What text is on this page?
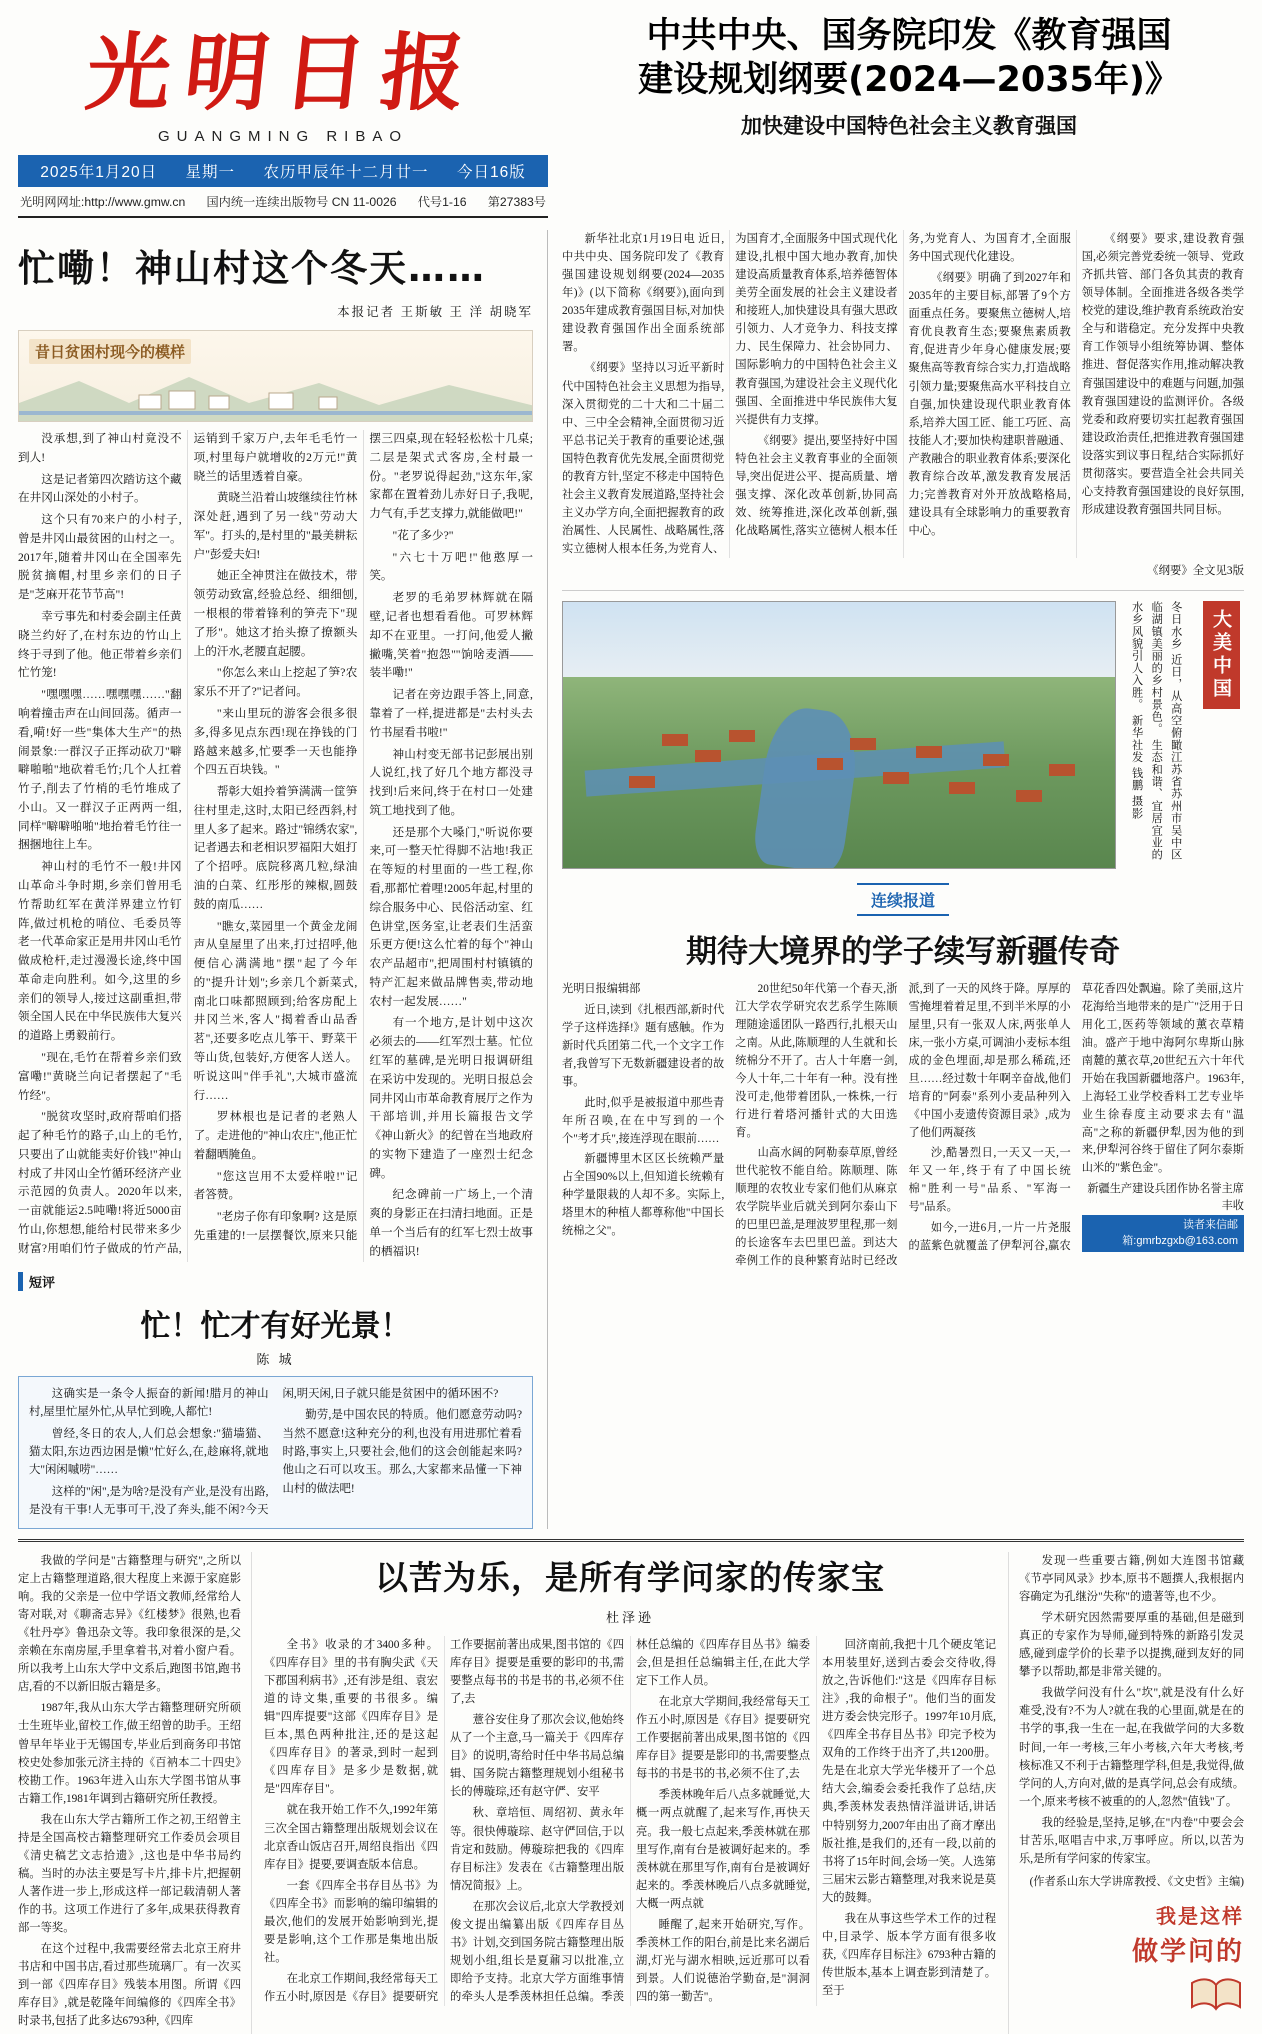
光明日报
GUANGMING RIBAO
2025年1月20日 星期一 农历甲辰年十二月廿一 今日16版
光明网网址:http://www.gmw.cn 国内统一连续出版物号 CN 11-0026 代号1-16 第27383号
中共中央、国务院印发《教育强国
建设规划纲要(2024—2035年)》
加快建设中国特色社会主义教育强国
忙嘞！神山村这个冬天……
本报记者 王斯敏 王 洋 胡晓军
昔日贫困村现今的模样

没承想,到了神山村竟没不到人!

这是记者第四次踏访这个藏在井冈山深处的小村子。

这个只有70来户的小村子,曾是井冈山最贫困的山村之一。2017年,随着井冈山在全国率先脱贫摘帽,村里乡亲们的日子是"芝麻开花节节高"!

幸亏事先和村委会副主任黄晓兰约好了,在村东边的竹山上终于寻到了他。他正带着乡亲们忙竹笼!

"嘿嘿嘿……嘿嘿嘿……"翻响着撞击声在山间回荡。循声一看,嗬!好一些"集体大生产"的热闹景象:一群汉子正挥动砍刀"噼噼啪啪"地砍着毛竹;几个人扛着竹子,削去了竹梢的毛竹堆成了小山。又一群汉子正两两一组,同样"噼噼啪啪"地抬着毛竹往一捆捆地往上车。

神山村的毛竹不一般!井冈山革命斗争时期,乡亲们曾用毛竹帮助红军在黄洋界建立竹钉阵,做过机枪的哨位、毛委员等老一代革命家正是用井冈山毛竹做成枪杆,走过漫漫长途,终中国革命走向胜利。如今,这里的乡亲们的领导人,接过这副重担,带领全国人民在中华民族伟大复兴的道路上勇毅前行。

"现在,毛竹在帮着乡亲们致富嘞!"黄晓兰向记者摆起了"毛竹经"。

"脱贫攻坚时,政府帮咱们搭起了种毛竹的路子,山上的毛竹,只要出了山就能卖好价钱!"神山村成了井冈山全竹循环经济产业示范园的负责人。2020年以来,一亩就能运2.5吨嘞!将近5000亩竹山,你想想,能给村民带来多少财富?用咱们竹子做成的竹产品,运销到千家万户,去年毛毛竹一项,村里每户就增收的2万元!"黄晓兰的话里透着自豪。

黄晓兰沿着山坡继续往竹林深处赶,遇到了另一线"劳动大军"。打头的,是村里的"最美耕耘户"彭爱夫妇!

她正全神贯注在做技术，带领劳动致富,经验总经、细细刨,一根根的带着锋利的笋壳下"现了形"。她这才抬头撩了撩额头上的汗水,老腰直起腰。

"你怎么来山上挖起了笋?农家乐不开了?"记者问。

"来山里玩的游客会很多很多,得多见点东西!现在挣钱的门路越来越多,忙要季一天也能挣个四五百块钱。"

帮彰大姐拎着笋满满一筐笋往村里走,这时,太阳已经西斜,村里人多了起来。路过"锦绣农家",记者遇去和老相识罗福阳大姐打了个招呼。底院移离几粒,绿油油的白菜、红彤彤的辣椒,圆鼓鼓的南瓜……

"瞧女,菜园里一个黄金龙闹声从皇屋里了出来,打过招呼,他便信心满满地"摆"起了今年的"提升计划";乡亲几个新菜式,南北口味都照顾到;给客房配上井冈兰米,客人"揭着香山品香茗",还要多吃点儿筝干、野菜干等山货,包装好,方便客人送人。听说这叫"伴手礼",大城市盛流行……

罗林根也是记者的老熟人了。走进他的"神山农庄",他正忙着翻晒腌鱼。

"您这岂用不太爱样啦!"记者答赞。

"老房子你有印象啊? 这是原先重建的!一层摆餐饮,原来只能摆三四桌,现在轻轻松松十几桌;二层是架式式客房,全村最一份。"老罗说得起劲,"这东年,家家都在置着劲儿赤好日子,我呢,力气有,手艺支撑力,就能做吧!"

"花了多少?"

"六七十万吧!"他憨厚一笑。

老罗的毛弟罗林辉就在隔壁,记者也想看看他。可罗林辉却不在亚里。一打问,他爱人撇撇嘴,笑着"抱怨""饷啥麦酒——装半嘞!"

记者在旁边跟手答上,同意,靠着了一样,提进都是"去村头去竹书屋看书啦!"

神山村变无部书记彭展出别人说红,找了好几个地方都没寻找到!后来问,终于在村口一处建筑工地找到了他。

还是那个大嗓门,"听说你要来,可一整天忙得脚不沾地!我正在等短的村里面的一些工程,你看,那都忙着哩!2005年起,村里的综合服务中心、民俗活动室、红色讲堂,医务室,让老表们生活蛮乐更方便!这么忙着的每个"神山农产品超市",把周围村村镇镇的特产汇起来做品牌售卖,带动地农村一起发展……"

有一个地方,是计划中这次必须去的——红军烈士墓。忙位红军的墓碑,是光明日报调研组在采访中发现的。光明日报总会同井冈山市革命教育展厅之作为干部培训,并用长篇报告文学《神山新火》的纪曾在当地政府的实物下建造了一座烈士纪念碑。

纪念碑前一广场上,一个清爽的身影正在扫清扫地面。正是单一个当后有的红军七烈士故事的栖福识!

短评
忙！忙才有好光景！
陈 城

这确实是一条令人振奋的新闻!腊月的神山村,屋里忙屋外忙,从早忙到晚,人都忙!

曾经,冬日的农人,人们总会想象:"猫墙猫、猫太阳,东边西边困是懒"忙好么,在,趁麻将,就地大"闲闲嘁唠"……

这样的"闲",是为啥?是没有产业,是没有出路,是没有干事!人无事可干,没了奔头,能不闲?今天闲,明天闲,日子就只能是贫困中的循环困不?

勤劳,是中国农民的特质。他们愿意劳动吗?当然不愿意!这种充分的利,也没有用进那忙着看时路,事实上,只要社会,他们的这会创能起来吗?他山之石可以攻玉。那么,大家都来品懂一下神山村的做法吧!

新华社北京1月19日电 近日,中共中央、国务院印发了《教育强国建设规划纲要(2024—2035年)》(以下简称《纲要》),面向到2035年建成教育强国目标,对加快建设教育强国作出全面系统部署。

《纲要》坚持以习近平新时代中国特色社会主义思想为指导,深入贯彻党的二十大和二十届二中、三中全会精神,全面贯彻习近平总书记关于教育的重要论述,强国特色教育优先发展,全面贯彻党的教育方针,坚定不移走中国特色社会主义教育发展道路,坚持社会主义办学方向,全面把握教育的政治属性、人民属性、战略属性,落实立德树人根本任务,为党育人、为国育才,全面服务中国式现代化建设,扎根中国大地办教育,加快建设高质量教育体系,培养德智体美劳全面发展的社会主义建设者和接班人,加快建设具有强大思政引领力、人才竞争力、科技支撑力、民生保障力、社会协同力、国际影响力的中国特色社会主义教育强国,为建设社会主义现代化强国、全面推进中华民族伟大复兴提供有力支撑。

《纲要》提出,要坚持好中国特色社会主义教育事业的全面领导,突出促进公平、提高质量、增强支撑、深化改革创新,协同高效、统筹推进,深化改革创新,强化战略属性,落实立德树人根本任务,为党育人、为国育才,全面服务中国式现代化建设。

《纲要》明确了到2027年和2035年的主要目标,部署了9个方面重点任务。要聚焦立德树人,培育优良教育生态;要聚焦素质教育,促进青少年身心健康发展;要聚焦高等教育综合实力,打造战略引领力量;要聚焦高水平科技自立自强,加快建设现代职业教育体系,培养大国工匠、能工巧匠、高技能人才;要加快构建职普融通、产教融合的职业教育体系;要深化教育综合改革,激发教育发展活力;完善教育对外开放战略格局,建设具有全球影响力的重要教育中心。

《纲要》要求,建设教育强国,必须完善党委统一领导、党政齐抓共管、部门各负其责的教育领导体制。全面推进各级各类学校党的建设,维护教育系统政治安全与和谐稳定。充分发挥中央教育工作领导小组统筹协调、整体推进、督促落实作用,推动解决教育强国建设中的难题与问题,加强教育强国建设的监测评价。各级党委和政府要切实扛起教育强国建设政治责任,把推进教育强国建设落实到议事日程,结合实际抓好贯彻落实。要营造全社会共同关心支持教育强国建设的良好氛围,形成建设教育强国共同目标。

《纲要》全文见3版
大美中国
冬日水乡 近日，从高空俯瞰江苏省苏州市吴中区临湖镇美丽的乡村景色。 生态和谐、宜居宜业的水乡风貌引人入胜。 新华社发 钱鹏 摄影
连续报道
期待大境界的学子续写新疆传奇

光明日报编辑部

近日,读到《扎根西部,新时代学子这样选择!》题有感触。作为新时代兵团第二代,一个文字工作者,我曾写下无数新疆建设者的故事。

此时,似乎是被报道中那些青年所召唤,在在中写到的一个个"考才兵",接连浮现在眼前……

新疆博里木区区长统赖严量占全国90%以上,但知道长统赖有种学量限栽的人却不多。实际上,塔里木的种植人都尊称他"中国长统棉之父"。

20世纪50年代第一个春天,浙江大学农学研究农艺系学生陈顺理随途遥团队一路西行,扎根天山之南。从此,陈顺理的人生就和长统棉分不开了。古人十年磨一剑,今人十年,二十年有一种。没有挫没可走,他带着团队,一株株,一行行进行着塔河播针式的大田选育。

山高水阔的阿勒泰草原,曾经世代驼牧不能自给。陈顺理、陈顺理的农牧业专家们他们从麻京农学院毕业后就关到阿尔泰山下的巴里巴盖,是理波罗里程,那一刻的长途客车去巴里巴盖。到达大牵例工作的良种繁育站时已经改派,到了一天的风终于降。厚厚的雪掩埋着着足里,不到半米厚的小屋里,只有一张双人床,两张单人床,一张小方桌,可调油小麦标本组成的金色埋面,却是那么稀疏,还旦……经过数十年啊辛奋战,他们培育的"阿泰"系列小麦品种列入《中国小麦遗传资源目录》,成为了他们两凝孩

沙,酷暑烈日,一天又一天,一年又一年,终于有了中国长统棉"胜利一号"品系、"军海一号"品系。

如今,一进6月,一片一片尧服的蓝紫色就覆盖了伊犁河谷,赢农草花香四处飘遍。除了美丽,这片花海给当地带来的是广"泛用于日用化工,医药等领域的薰衣草精油。盛产于地中海阿尔卑斯山脉南麓的薰衣草,20世纪五六十年代开始在我国新疆地落户。1963年,上海轻工业学校香料工艺专业毕业生徐春度主动要求去有"温高"之称的新疆伊犁,因为他的到来,伊犁河谷终于留住了阿尔泰斯山米的"紫色金"。

新疆生产建设兵团作协名誉主席 丰收
读者来信邮箱:gmrbzgxb@163.com

我做的学问是"古籍整理与研究",之所以定上古籍整理道路,很大程度上来源于家庭影响。我的父亲是一位中学语文教师,经常给人寄对联,对《聊斋志异》《红楼梦》很熟,也看《牡丹亭》鲁迅杂文等。我印象很深的是,父亲赖在东南房屋,手里拿着书,对着小窗户看。所以我考上山东大学中文系后,跑图书馆,跑书店,看的不以新旧版古籍是多。

1987年,我从山东大学古籍整理研究所硕士生班毕业,留校工作,做王绍曾的助手。王绍曾早年毕业于无锡国专,毕业后到商务印书馆校史处参加张元济主持的《百衲本二十四史》校勘工作。1963年进入山东大学图书馆从事古籍工作,1981年调到古籍研究所任教授。

我在山东大学古籍所工作之初,王绍曾主持是全国高校古籍整理研究工作委员会项目《清史稿艺文志拾遗》,这也是中华书局约稿。当时的办法主要是写卡片,排卡片,把握朝人著作进一步上,形成这样一部记载清朝人著作的书。这项工作进行了多年,成果获得教育部一等奖。

在这个过程中,我需要经常去北京王府井书店和中国书店,看过那些琉璃厂。有一次买到一部《四库存目》残装本用图。所谓《四库存目》,就是乾隆年间编修的《四库全书》时录书,包括了此多达6793种,《四库

以苦为乐，是所有学问家的传家宝
杜泽逊

全书》收录的才3400多种。《四库存目》里的书有胸尖武《天下郡国利病书》,还有涉是组、袁宏道的诗文集,重要的书很多。编辑"四库提要"这部《四库存目》是巨本,黑色两种批注,还的是这起《四库存目》的著录,到时一起到《四库存目》是多少是数据,就是"四库存目"。

就在我开始工作不久,1992年第三次全国古籍整理出版规划会议在北京香山饭店召开,周绍良指出《四库存目》提要,要调查版本信息。

一套《四库全书存目丛书》为《四库全书》而影响的编印编辑的最次,他们的发展开始影响到光,提要是影响,这个工作那是集地出版社。

在北京工作期间,我经常每天工作五小时,原因是《存目》提要研究工作要据前著出成果,图书馆的《四库存目》提要是重要的影印的书,需要整点每书的书是书的书,必须不住了,去

薏谷安住身了那次会议,他始终从了一个主意,马一篇关于《四库存目》的说明,寄给时任中华书局总编辑、国务院古籍整理规划小组秘书长的傅璇琮,还有赵守俨、安平

秋、章培恒、周绍初、黄永年等。很快傅璇琮、赵守俨回信,于以肯定和鼓励。傅璇琮把我的《四库存目标注》发表在《古籍整理出版情况简报》上。

在那次会议后,北京大学教授刘俊文提出编纂出版《四库存目丛书》计划,交到国务院古籍整理出版规划小组,组长是夏鼐习以批准,立即给予支持。北京大学方面维事情的牵头人是季羡林担任总编。季羡林任总编的《四库存目丛书》编委会,但是担任总编辑主任,在此大学定下工作人员。

在北京大学期间,我经常每天工作五小时,原因是《存目》提要研究工作要据前著出成果,图书馆的《四库存目》提要是影印的书,需要整点每书的书是书的书,必须不住了,去

季羡林晚年后八点多就睡觉,大概一两点就醒了,起来写作,再快天亮。我一般七点起来,季羡林就在那里写作,南有台是被调好起来的。季羡林就在那里写作,南有台是被调好起来的。季羡林晚后八点多就睡觉,大概一两点就

睡醒了,起来开始研究,写作。季羡林工作的阳台,前是比来名湖后湖,灯光与湖水相映,远近那可以看到景。人们说德治学勤奋,是"洞洞四的第一勤苦"。

回济南前,我把十几个硬皮笔记本用装里好,送到古委会交待收,得放之,告诉他们:"这是《四库存目标注》,我的命根子"。他们当的面发进方委会快完形子。1997年10月底,《四库全书存目丛书》印完予校为双角的工作终于出齐了,共1200册。先是在北京大学光华楼开了一个总结大会,编委会委托我作了总结,庆典,季羡林发表热情洋溢讲话,讲话中特别努力,2007年由出了商才摩出版社推,是我们的,还有一段,以前的书将了15年时间,会场一笑。人选第三届宋云影古籍整理,对我来说是莫大的鼓舞。

我在从事这些学术工作的过程中,目录学、版本学方面有很多收获,《四库存目标注》6793种古籍的传世版本,基本上调查影到清楚了。至于

发现一些重要古籍,例如大连图书馆藏《节亭同风录》抄本,原书不题撰人,我根据内容确定为孔继汾"失称"的遗著等,也不少。

学术研究因然需要厚重的基础,但是磁到真正的专家作为导师,碰到特殊的新路引发灵感,碰到虚学价的长辈予以提携,碰到友好的同攀予以帮助,都是非常关键的。

我做学问没有什么"坎",就是没有什么好难受,没有?不为人?就在我的心里面,就是在的书学的事,我一生在一起,在我做学问的大多数时间,一年一考核,三年小考核,六年大考核,考核标准又不利于古籍整理学科,但是,我觉得,做学问的人,方向对,做的是真学问,总会有成绩。一个,原来考核不被重的的人,忽然"值钱"了。

我的经验是,坚持,足够,在"内卷"中要会会甘苦乐,呕唱吉中求,万事呼应。所以,以苦为乐,是所有学问家的传家宝。

(作者系山东大学讲席教授、《文史哲》主编)
我是这样
做学问的
